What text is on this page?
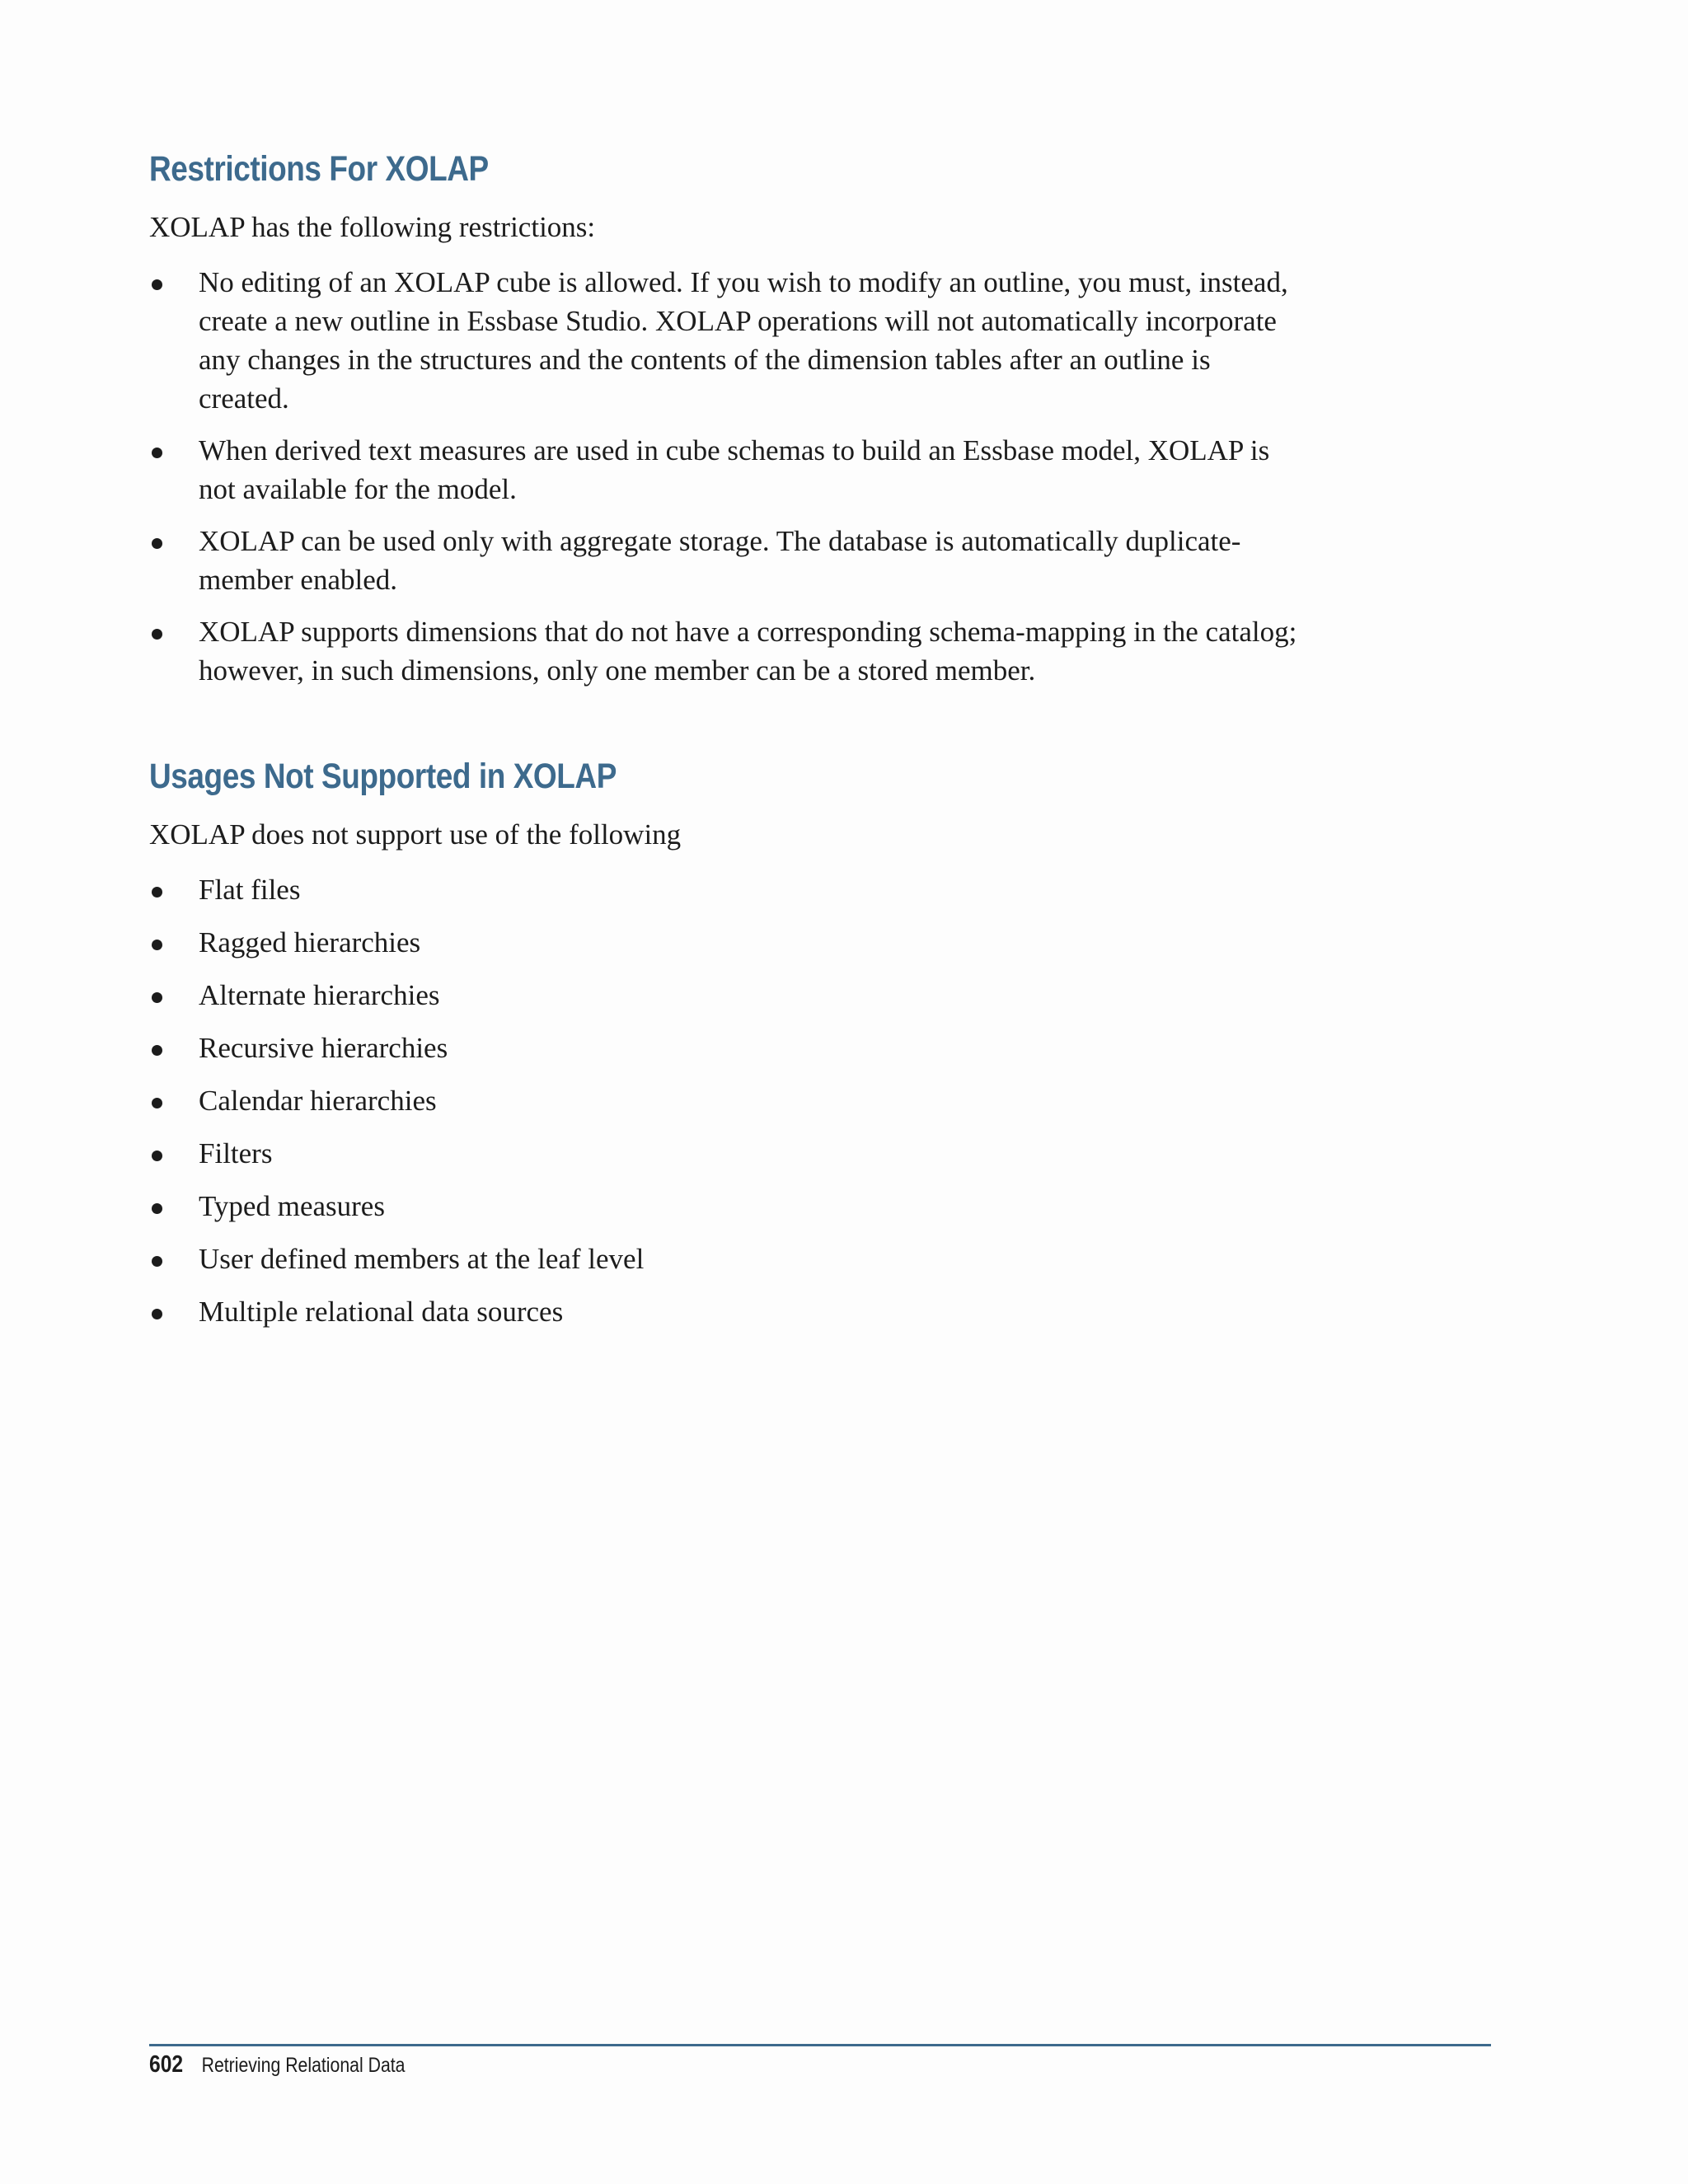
Restrictions For XOLAP

XOLAP has the following restrictions:

No editing of an XOLAP cube is allowed. If you wish to modify an outline, you must, instead, create a new outline in Essbase Studio. XOLAP operations will not automatically incorporate any changes in the structures and the contents of the dimension tables after an outline is created.
When derived text measures are used in cube schemas to build an Essbase model, XOLAP is not available for the model.
XOLAP can be used only with aggregate storage. The database is automatically duplicate-member enabled.
XOLAP supports dimensions that do not have a corresponding schema-mapping in the catalog; however, in such dimensions, only one member can be a stored member.
Usages Not Supported in XOLAP

XOLAP does not support use of the following

Flat files
Ragged hierarchies
Alternate hierarchies
Recursive hierarchies
Calendar hierarchies
Filters
Typed measures
User defined members at the leaf level
Multiple relational data sources
602 Retrieving Relational Data
